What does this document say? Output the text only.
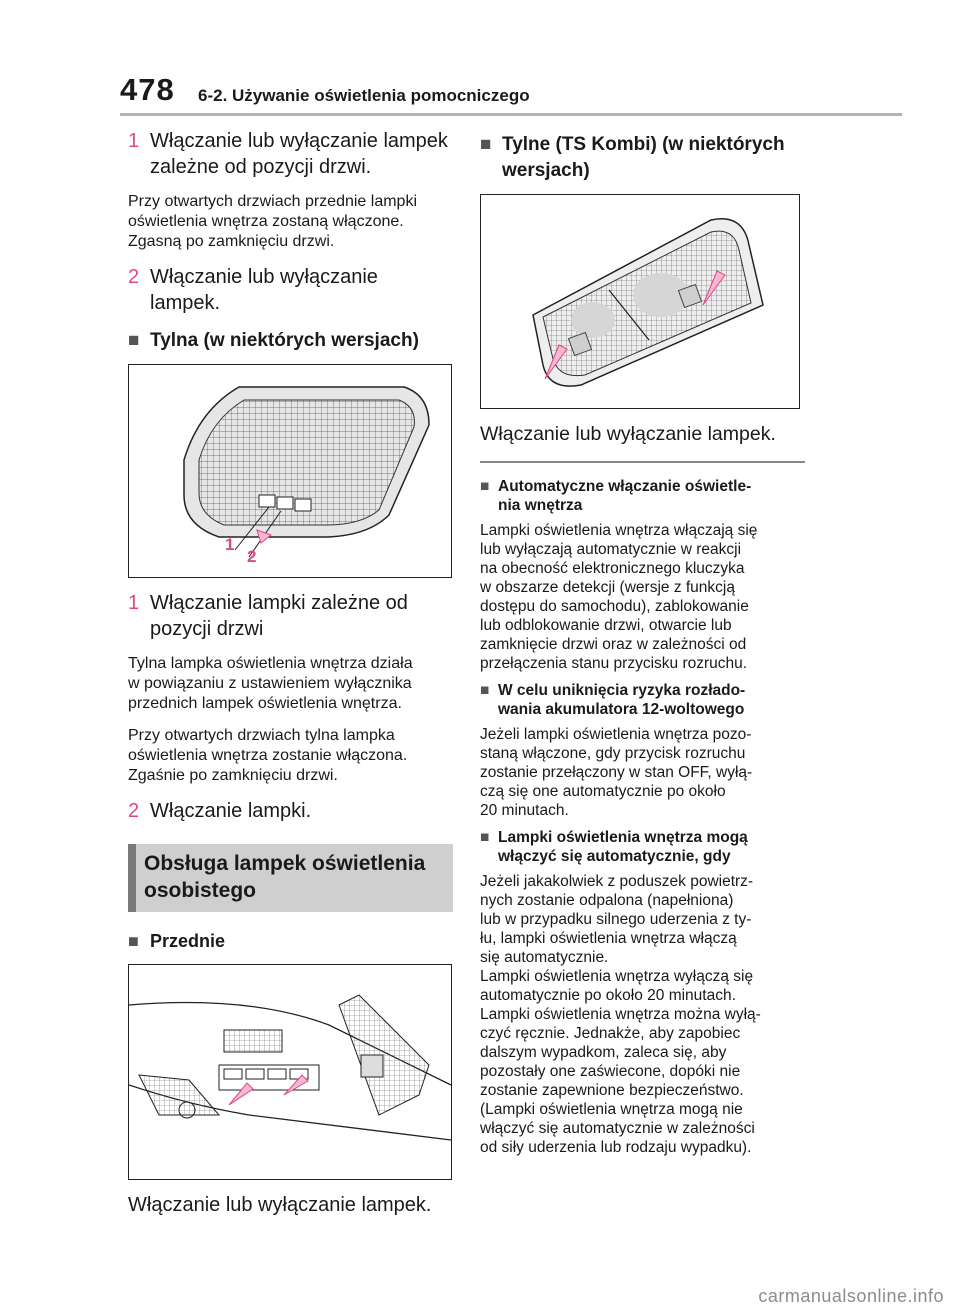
478 6-2. Używanie oświetlenia pomocniczego
1 Włączanie lub wyłączanie lampek
zależne od pozycji drzwi.
Przy otwartych drzwiach przednie lampki
oświetlenia wnętrza zostaną włączone.
Zgasną po zamknięciu drzwi.
2 Włączanie lub wyłączanie lampek.
■ Tylna (w niektórych wersjach)
1
2
1 Włączanie lampki zależne od
pozycji drzwi
Tylna lampka oświetlenia wnętrza działa
w powiązaniu z ustawieniem wyłącznika
przednich lampek oświetlenia wnętrza.
Przy otwartych drzwiach tylna lampka
oświetlenia wnętrza zostanie włączona.
Zgaśnie po zamknięciu drzwi.
2 Włączanie lampki.
Obsługa lampek oświetlenia
osobistego
■ Przednie
Włączanie lub wyłączanie lampek.
■ Tylne (TS Kombi) (w niektórych
wersjach)
Włączanie lub wyłączanie lampek.
■ Automatyczne włączanie oświetle-
nia wnętrza
Lampki oświetlenia wnętrza włączają się
lub wyłączają automatycznie w reakcji
na obecność elektronicznego kluczyka
w obszarze detekcji (wersje z funkcją
dostępu do samochodu), zablokowanie
lub odblokowanie drzwi, otwarcie lub
zamknięcie drzwi oraz w zależności od
przełączenia stanu przycisku rozruchu.
■ W celu uniknięcia ryzyka rozłado-
wania akumulatora 12-woltowego
Jeżeli lampki oświetlenia wnętrza pozo-
staną włączone, gdy przycisk rozruchu
zostanie przełączony w stan OFF, wyłą-
czą się one automatycznie po około
20 minutach.
■ Lampki oświetlenia wnętrza mogą
włączyć się automatycznie, gdy
Jeżeli jakakolwiek z poduszek powietrz-
nych zostanie odpalona (napełniona)
lub w przypadku silnego uderzenia z ty-
łu, lampki oświetlenia wnętrza włączą
się automatycznie.
Lampki oświetlenia wnętrza wyłączą się
automatycznie po około 20 minutach.
Lampki oświetlenia wnętrza można wyłą-
czyć ręcznie. Jednakże, aby zapobiec
dalszym wypadkom, zaleca się, aby
pozostały one zaświecone, dopóki nie
zostanie zapewnione bezpieczeństwo.
(Lampki oświetlenia wnętrza mogą nie
włączyć się automatycznie w zależności
od siły uderzenia lub rodzaju wypadku).
carmanualsonline.info
